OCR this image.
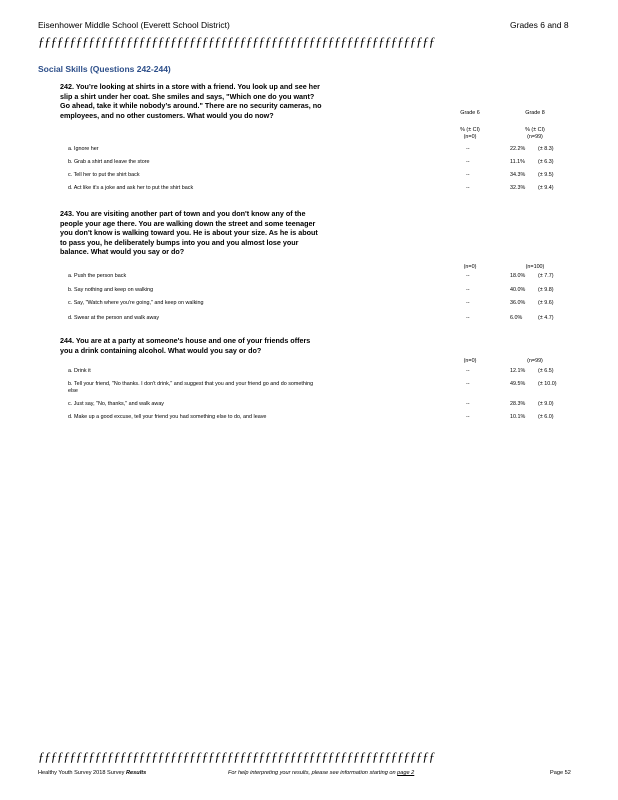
Eisenhower Middle School (Everett School District)	Grades 6 and 8
ƒƒƒƒƒƒƒƒƒƒƒƒƒƒƒƒƒƒƒƒƒƒƒƒƒƒƒƒƒƒƒƒƒƒƒƒƒƒƒƒƒƒƒƒƒƒƒƒƒƒƒƒƒƒƒƒƒƒƒƒƒƒƒ
Social Skills (Questions 242-244)
242. You’re looking at shirts in a store with a friend. You look up and see her slip a shirt under her coat. She smiles and says, "Which one do you want? Go ahead, take it while nobody’s around." There are no security cameras, no employees, and no other customers. What would you do now?	Grade 6	Grade 8
% (± CI)	% (± CI)
(n=0)	(n=99)
a. Ignore her	--	22.2% (± 8.3)
b. Grab a shirt and leave the store	--	11.1% (± 6.3)
c. Tell her to put the shirt back	--	34.3% (± 9.5)
d. Act like it’s a joke and ask her to put the shirt back	--	32.3% (± 9.4)
243. You are visiting another part of town and you don't know any of the people your age there. You are walking down the street and some teenager you don't know is walking toward you. He is about your size. As he is about to pass you, he deliberately bumps into you and you almost lose your balance. What would you say or do?
(n=0)	(n=100)
a. Push the person back	--	18.0% (± 7.7)
b. Say nothing and keep on walking	--	40.0% (± 9.8)
c. Say, "Watch where you're going," and keep on walking	--	36.0% (± 9.6)
d. Swear at the person and walk away	--	6.0%	(± 4.7)
244. You are at a party at someone's house and one of your friends offers you a drink containing alcohol. What would you say or do?
(n=0)	(n=99)
a. Drink it	--	12.1% (± 6.5)
b. Tell your friend, "No thanks. I don't drink," and suggest that you and your friend go and do something else
--	49.5% (± 10.0)
c. Just say, "No, thanks," and walk away	--	28.3% (± 9.0)
d. Make up a good excuse, tell your friend you had something else to do, and leave	--	10.1% (± 6.0)
ƒƒƒƒƒƒƒƒƒƒƒƒƒƒƒƒƒƒƒƒƒƒƒƒƒƒƒƒƒƒƒƒƒƒƒƒƒƒƒƒƒƒƒƒƒƒƒƒƒƒƒƒƒƒƒƒƒƒƒƒƒƒƒ
Healthy Youth Survey 2018 Survey Results	For help interpreting your results, please see information starting on page 2	Page 52
